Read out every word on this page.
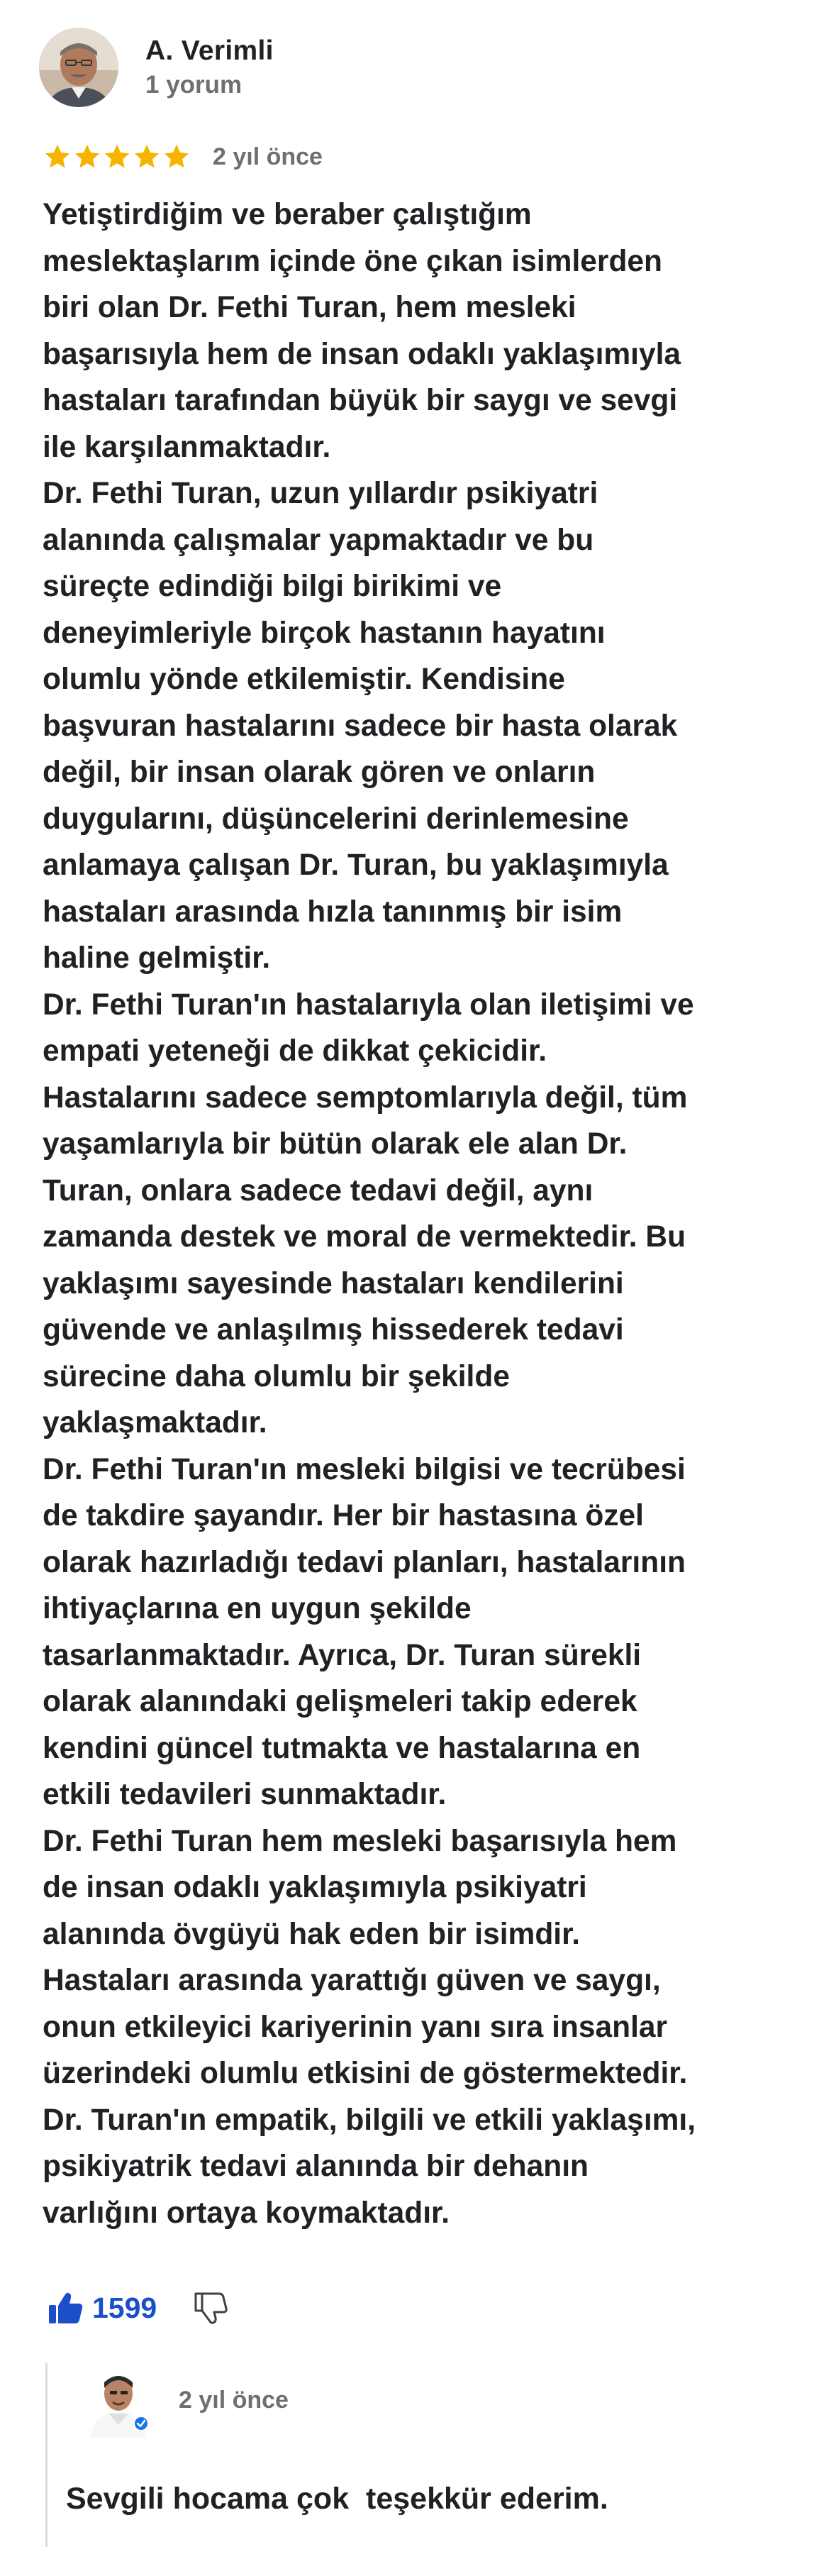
A. Verimli
1 yorum
2 yıl önce

Yetiştirdiğim ve beraber çalıştığım
meslektaşlarım içinde öne çıkan isimlerden
biri olan Dr. Fethi Turan, hem mesleki
başarısıyla hem de insan odaklı yaklaşımıyla
hastaları tarafından büyük bir saygı ve sevgi
ile karşılanmaktadır.
Dr. Fethi Turan, uzun yıllardır psikiyatri
alanında çalışmalar yapmaktadır ve bu
süreçte edindiği bilgi birikimi ve
deneyimleriyle birçok hastanın hayatını
olumlu yönde etkilemiştir. Kendisine
başvuran hastalarını sadece bir hasta olarak
değil, bir insan olarak gören ve onların
duygularını, düşüncelerini derinlemesine
anlamaya çalışan Dr. Turan, bu yaklaşımıyla
hastaları arasında hızla tanınmış bir isim
haline gelmiştir.
Dr. Fethi Turan'ın hastalarıyla olan iletişimi ve
empati yeteneği de dikkat çekicidir.
Hastalarını sadece semptomlarıyla değil, tüm
yaşamlarıyla bir bütün olarak ele alan Dr.
Turan, onlara sadece tedavi değil, aynı
zamanda destek ve moral de vermektedir. Bu
yaklaşımı sayesinde hastaları kendilerini
güvende ve anlaşılmış hissederek tedavi
sürecine daha olumlu bir şekilde
yaklaşmaktadır.
Dr. Fethi Turan'ın mesleki bilgisi ve tecrübesi
de takdire şayandır. Her bir hastasına özel
olarak hazırladığı tedavi planları, hastalarının
ihtiyaçlarına en uygun şekilde
tasarlanmaktadır. Ayrıca, Dr. Turan sürekli
olarak alanındaki gelişmeleri takip ederek
kendini güncel tutmakta ve hastalarına en
etkili tedavileri sunmaktadır.
Dr. Fethi Turan hem mesleki başarısıyla hem
de insan odaklı yaklaşımıyla psikiyatri
alanında övgüyü hak eden bir isimdir.
Hastaları arasında yarattığı güven ve saygı,
onun etkileyici kariyerinin yanı sıra insanlar
üzerindeki olumlu etkisini de göstermektedir.
Dr. Turan'ın empatik, bilgili ve etkili yaklaşımı,
psikiyatrik tedavi alanında bir dehanın
varlığını ortaya koymaktadır.

1599
2 yıl önce
Sevgili hocama çok  teşekkür ederim.
